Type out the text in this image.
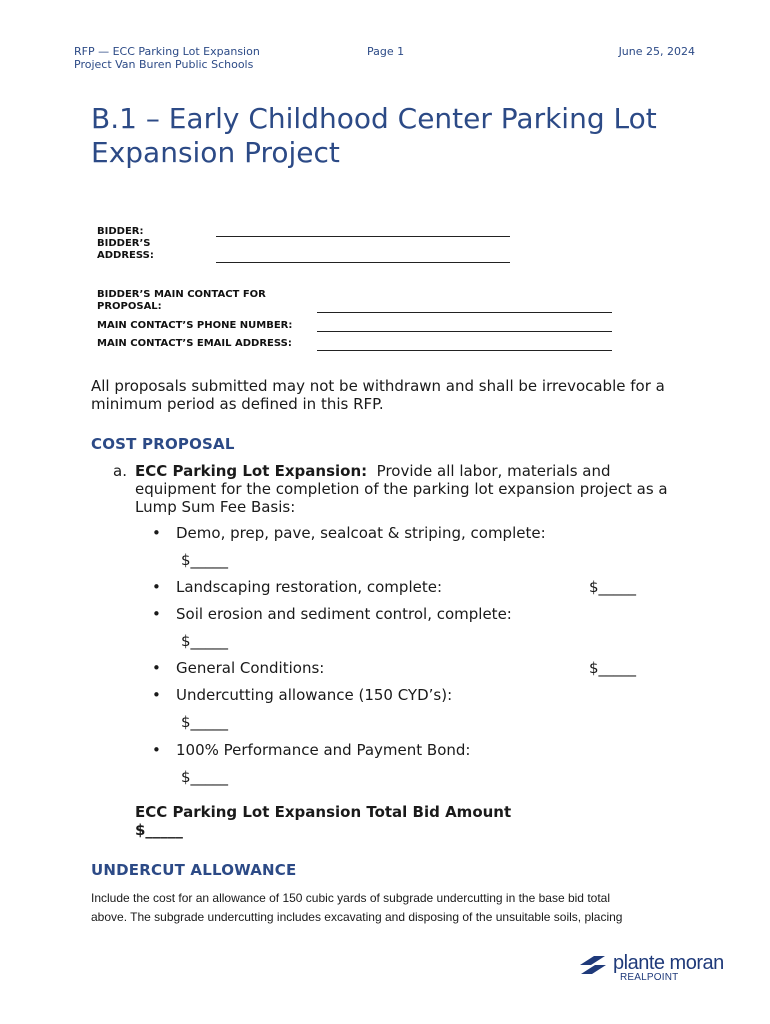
RFP — ECC Parking Lot Expansion
Project Van Buren Public Schools
Page 1	June 25, 2024
B.1 – Early Childhood Center Parking Lot
Expansion Project
BIDDER:
BIDDER’S
ADDRESS:
BIDDER’S MAIN CONTACT FOR
PROPOSAL:
MAIN CONTACT’S PHONE NUMBER:
MAIN CONTACT’S EMAIL ADDRESS:
All proposals submitted may not be withdrawn and shall be irrevocable for a minimum period as defined in this RFP.
COST PROPOSAL
a. ECC Parking Lot Expansion: Provide all labor, materials and equipment for the completion of the parking lot expansion project as a Lump Sum Fee Basis:
• Demo, prep, pave, sealcoat & striping, complete:
$_____
• Landscaping restoration, complete:	$_____
• Soil erosion and sediment control, complete:
$_____
• General Conditions:	$_____
• Undercutting allowance (150 CYD’s):
$_____
• 100% Performance and Payment Bond:
$_____
ECC Parking Lot Expansion Total Bid Amount
$_____
UNDERCUT ALLOWANCE
Include the cost for an allowance of 150 cubic yards of subgrade undercutting in the base bid total
above. The subgrade undercutting includes excavating and disposing of the unsuitable soils, placing
plante moran
REALPOINT
